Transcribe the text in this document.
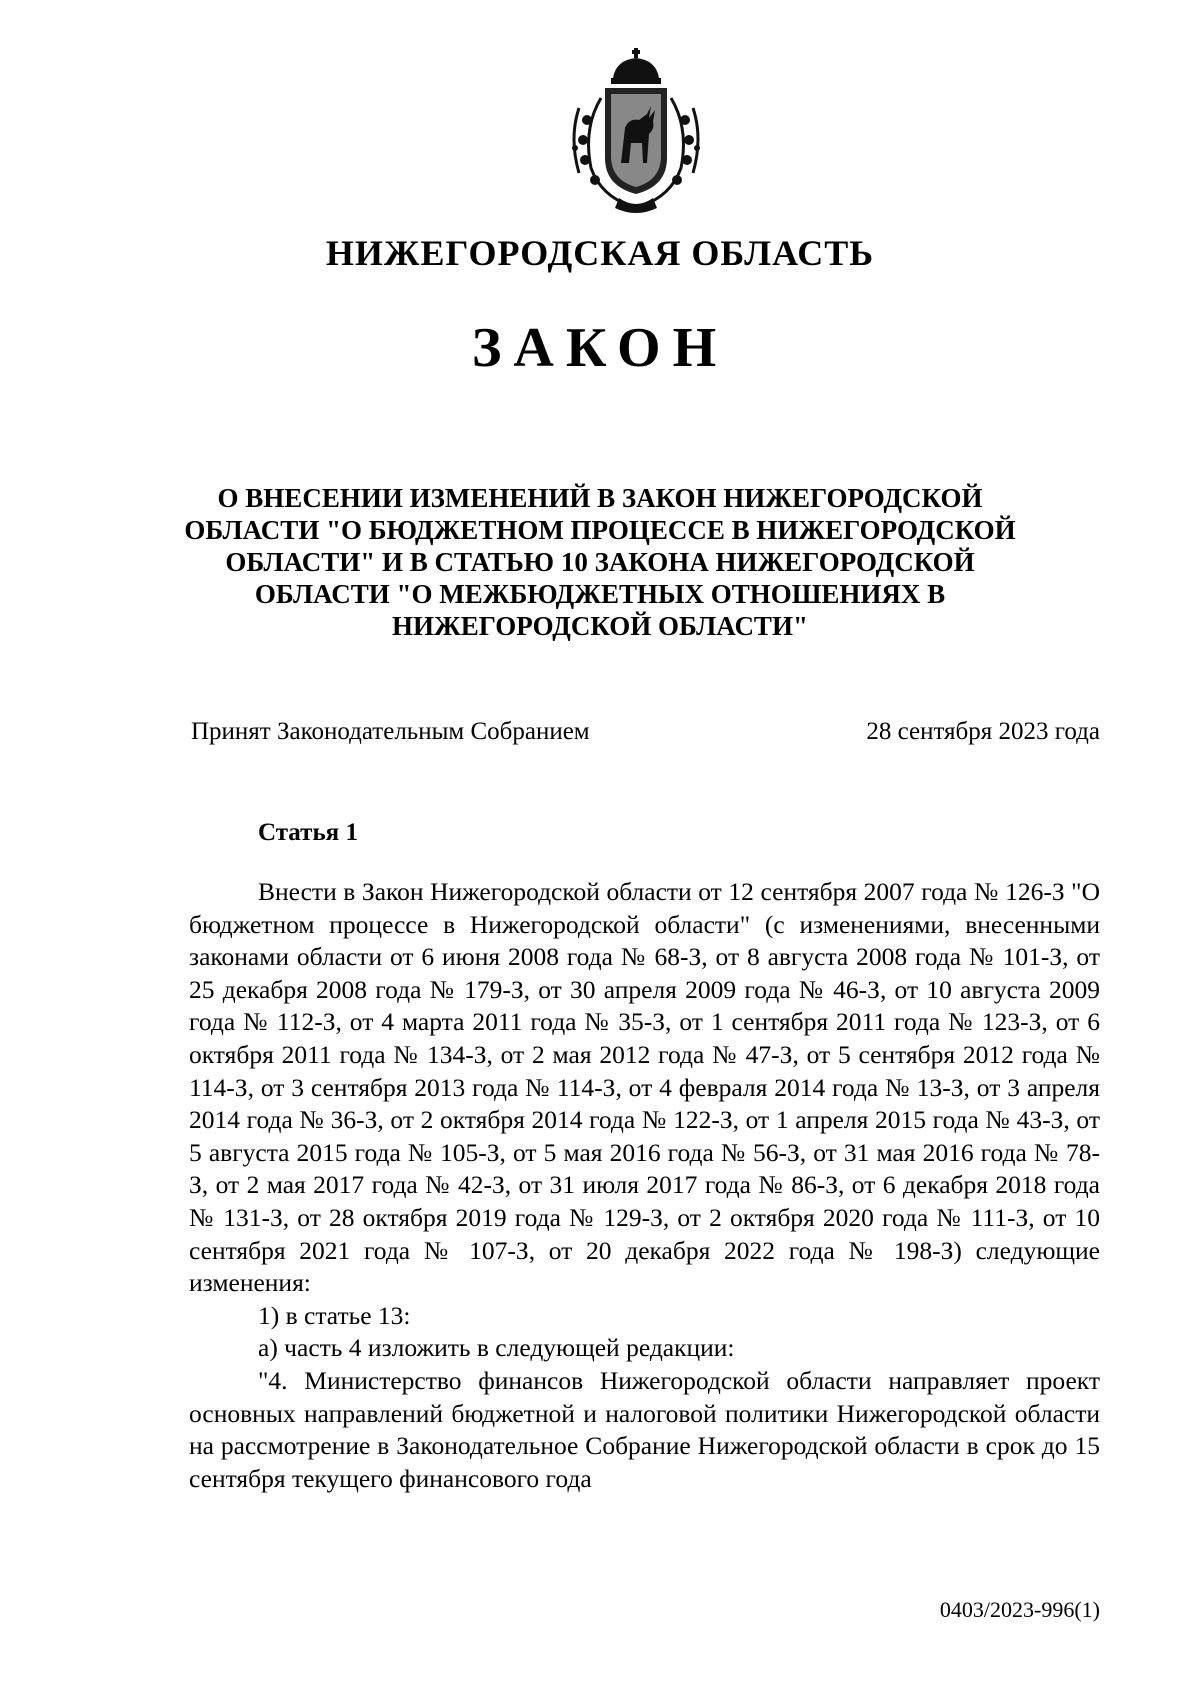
НИЖЕГОРОДСКАЯ ОБЛАСТЬ
ЗАКОН
О ВНЕСЕНИИ ИЗМЕНЕНИЙ В ЗАКОН НИЖЕГОРОДСКОЙ
ОБЛАСТИ "О БЮДЖЕТНОМ ПРОЦЕССЕ В НИЖЕГОРОДСКОЙ
ОБЛАСТИ" И В СТАТЬЮ 10 ЗАКОНА НИЖЕГОРОДСКОЙ
ОБЛАСТИ "О МЕЖБЮДЖЕТНЫХ ОТНОШЕНИЯХ В
НИЖЕГОРОДСКОЙ ОБЛАСТИ"
Принят Законодательным Собранием	28 сентября 2023 года
Статья 1

Внести в Закон Нижегородской области от 12 сентября 2007 года № 126-З "О бюджетном процессе в Нижегородской области" (с изменениями, внесенными законами области от 6 июня 2008 года № 68-З, от 8 августа 2008 года № 101-З, от 25 декабря 2008 года № 179-З, от 30 апреля 2009 года № 46-З, от 10 августа 2009 года № 112-З, от 4 марта 2011 года № 35-З, от 1 сентября 2011 года № 123-З, от 6 октября 2011 года № 134-З, от 2 мая 2012 года № 47-З, от 5 сентября 2012 года № 114-З, от 3 сентября 2013 года № 114-З, от 4 февраля 2014 года № 13-З, от 3 апреля 2014 года № 36-З, от 2 октября 2014 года № 122-З, от 1 апреля 2015 года № 43-З, от 5 августа 2015 года № 105-З, от 5 мая 2016 года № 56-З, от 31 мая 2016 года № 78-З, от 2 мая 2017 года № 42-З, от 31 июля 2017 года № 86-З, от 6 декабря 2018 года № 131-З, от 28 октября 2019 года № 129-З, от 2 октября 2020 года № 111-З, от 10 сентября 2021 года № 107-З, от 20 декабря 2022 года № 198-З) следующие изменения:

1) в статье 13:

а) часть 4 изложить в следующей редакции:

"4. Министерство финансов Нижегородской области направляет проект основных направлений бюджетной и налоговой политики Нижегородской области на рассмотрение в Законодательное Собрание Нижегородской области в срок до 15 сентября текущего финансового года

0403/2023-996(1)
